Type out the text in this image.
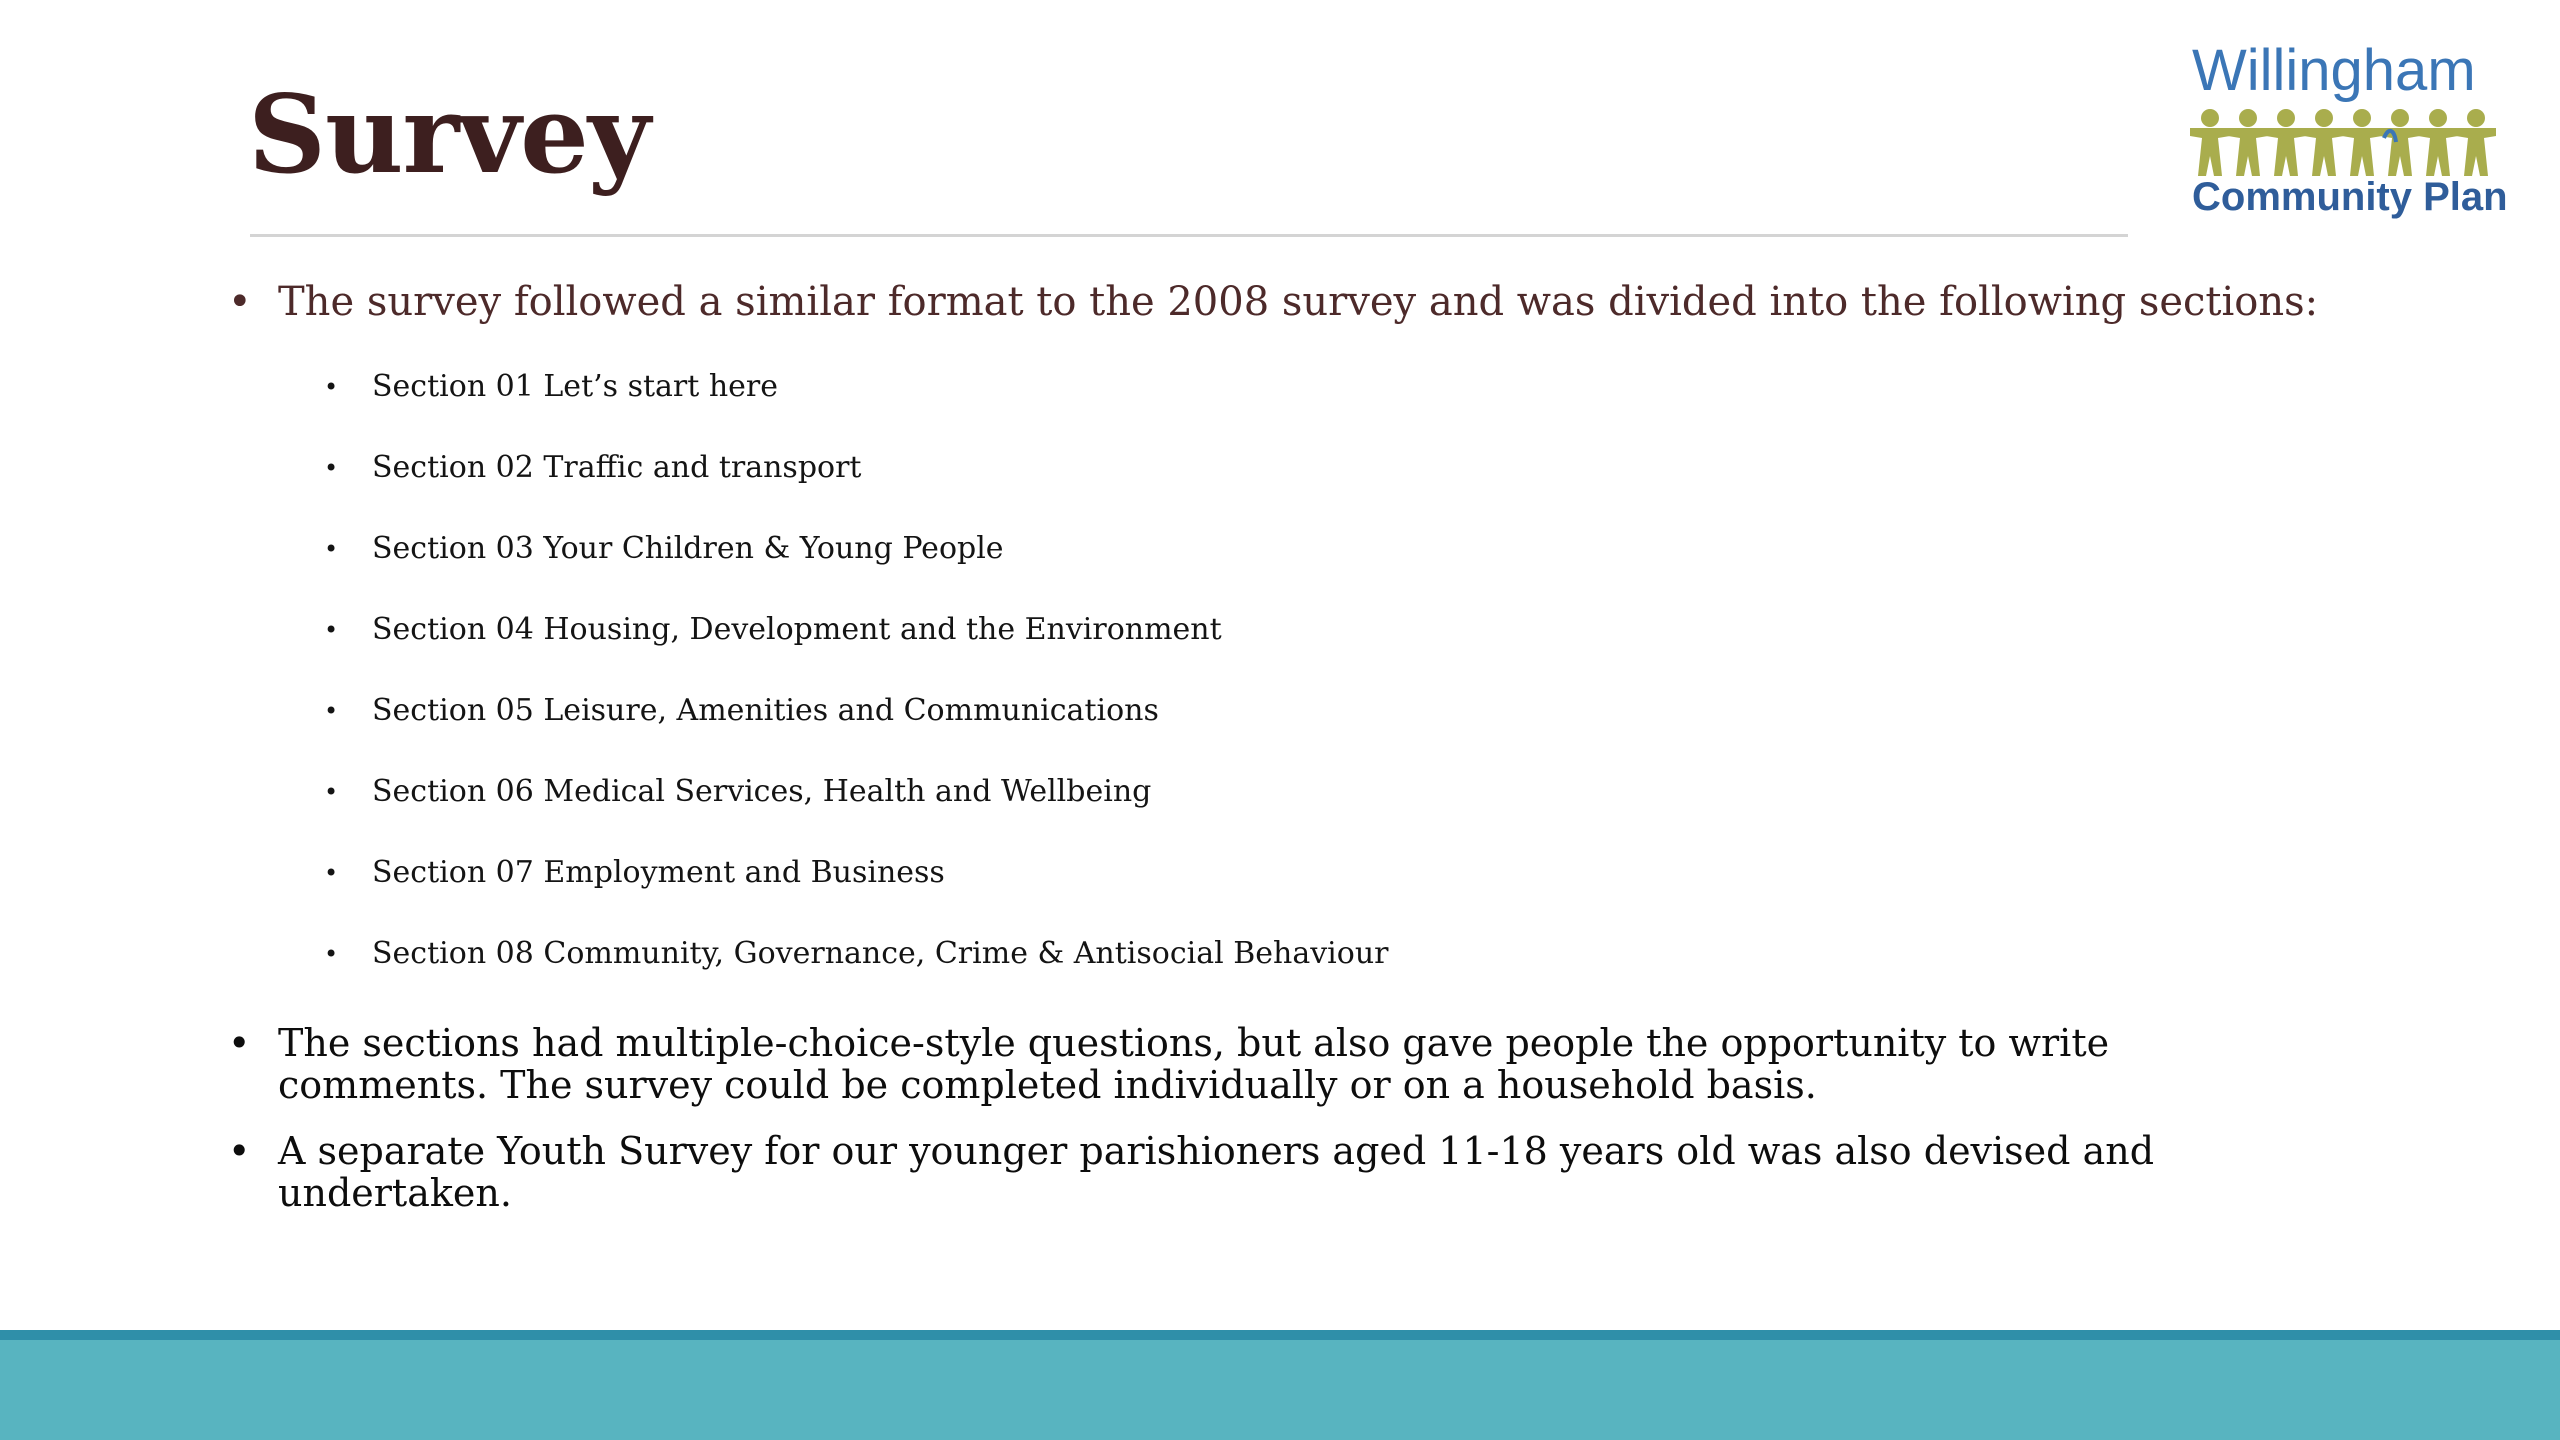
Survey
Willingham
Community Plan
• The survey followed a similar format to the 2008 survey and was divided into the following sections:
• Section 01 Let’s start here
• Section 02 Traffic and transport
• Section 03 Your Children & Young People
• Section 04 Housing, Development and the Environment
• Section 05 Leisure, Amenities and Communications
• Section 06 Medical Services, Health and Wellbeing
• Section 07 Employment and Business
• Section 08 Community, Governance, Crime & Antisocial Behaviour
• The sections had multiple-choice-style questions, but also gave people the opportunity to write comments. The survey could be completed individually or on a household basis.
• A separate Youth Survey for our younger parishioners aged 11-18 years old was also devised and undertaken.
